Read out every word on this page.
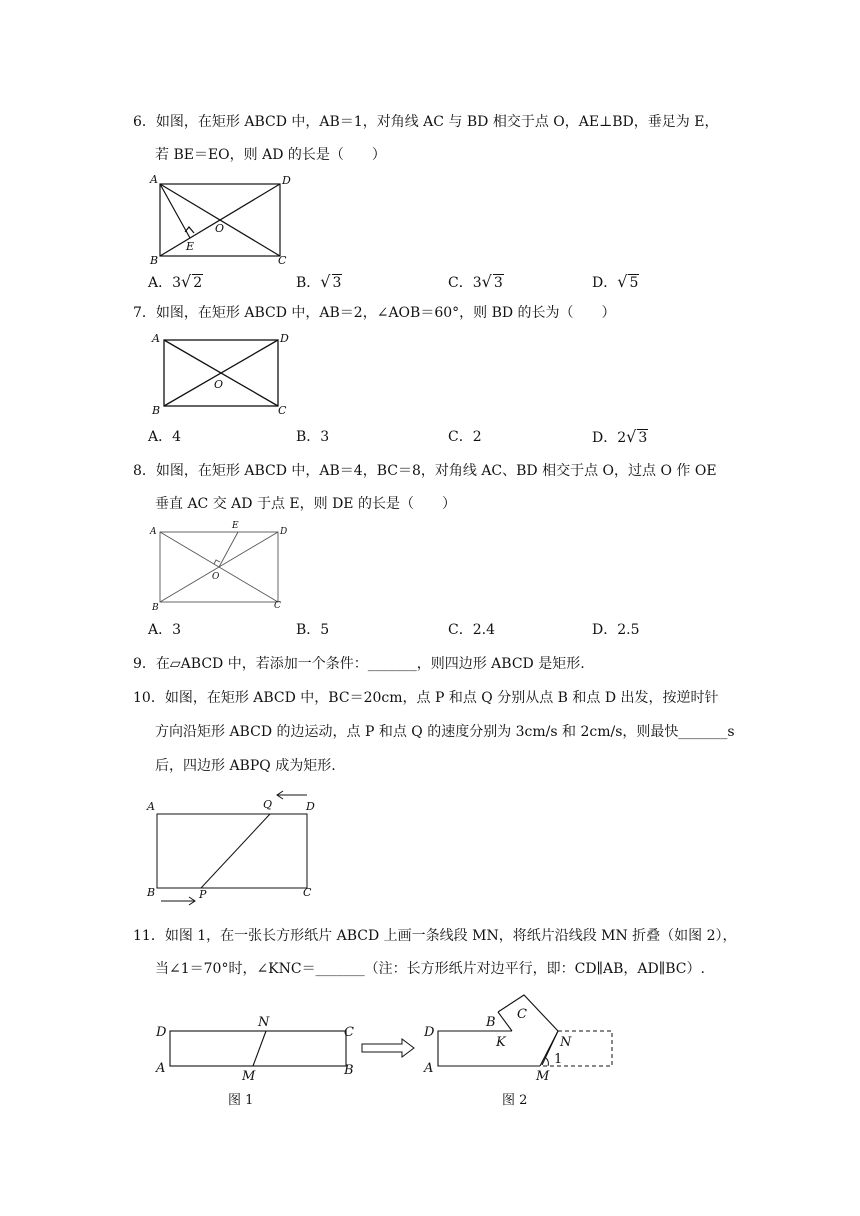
6．如图，在矩形 ABCD 中，AB＝1，对角线 AC 与 BD 相交于点 O，AE⊥BD，垂足为 E，
若 BE＝EO，则 AD 的长是（　　）
A
B	C
D
E
O
A．3√ 2	B．√ 3	C．3√ 3	D．√ 5
7．如图，在矩形 ABCD 中，AB＝2，∠AOB＝60°，则 BD 的长为（　　）
A
B	C
D
O
A．4	B．3	C．2	D．2√ 3
8．如图，在矩形 ABCD 中，AB＝4，BC＝8，对角线 AC、BD 相交于点 O，过点 O 作 OE
垂直 AC 交 AD 于点 E，则 DE 的长是（　　）
A
B	C
D
E
O
A．3	B．5	C．2.4	D．2.5
9．在▱ABCD 中，若添加一个条件：_______，则四边形 ABCD 是矩形.
10．如图，在矩形 ABCD 中，BC＝20cm，点 P 和点 Q 分别从点 B 和点 D 出发，按逆时针
方向沿矩形 ABCD 的边运动，点 P 和点 Q 的速度分别为 3cm/s 和 2cm/s，则最快_______s
后，四边形 ABPQ 成为矩形.
A
B	C
D
P
Q
11．如图 1，在一张长方形纸片 ABCD 上画一条线段 MN，将纸片沿线段 MN 折叠（如图 2），
当∠1＝70°时，∠KNC＝_______（注：长方形纸片对边平行，即：CD∥AB，AD∥BC）.
D
A
C
B
N
M
图 1
D
A
B
C
K	N
M
1
图 2
